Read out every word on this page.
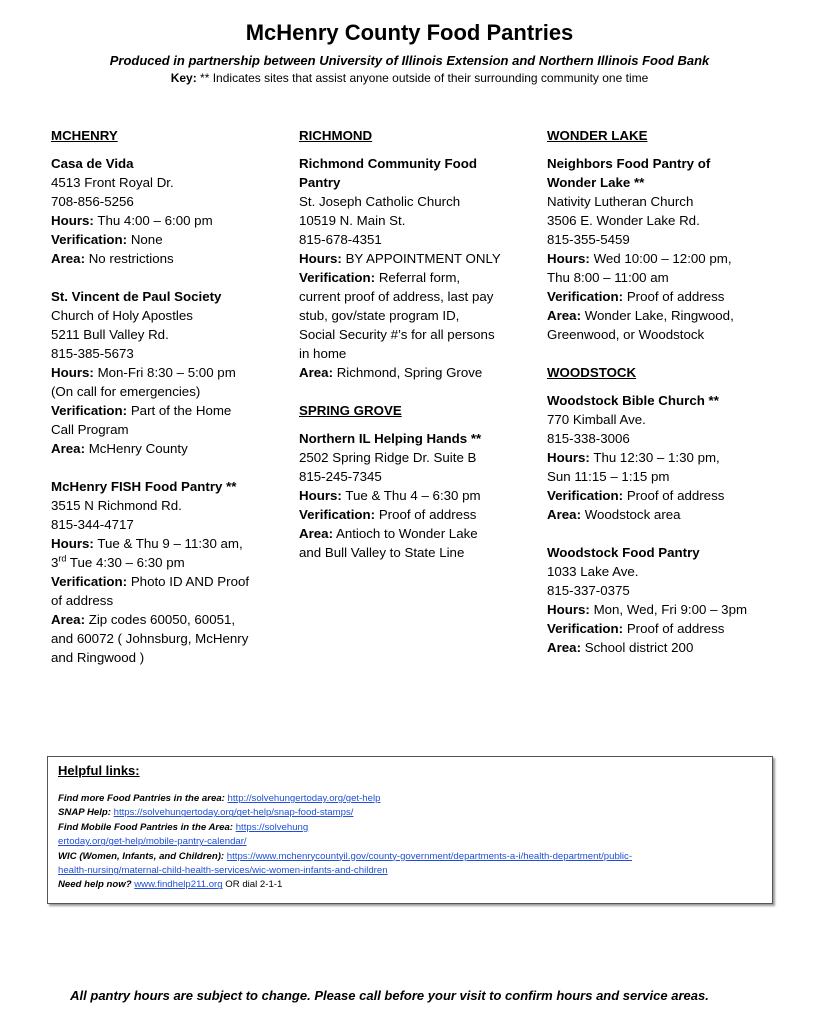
McHenry County Food Pantries
Produced in partnership between University of Illinois Extension and Northern Illinois Food Bank
Key: ** Indicates sites that assist anyone outside of their surrounding community one time
MCHENRY
Casa de Vida
4513 Front Royal Dr.
708-856-5256
Hours: Thu 4:00 – 6:00 pm
Verification: None
Area: No restrictions
St. Vincent de Paul Society
Church of Holy Apostles
5211 Bull Valley Rd.
815-385-5673
Hours: Mon-Fri 8:30 – 5:00 pm
(On call for emergencies)
Verification: Part of the Home
Call Program
Area: McHenry County
McHenry FISH Food Pantry **
3515 N Richmond Rd.
815-344-4717
Hours: Tue & Thu 9 – 11:30 am,
3rd Tue 4:30 – 6:30 pm
Verification: Photo ID AND Proof
of address
Area: Zip codes 60050, 60051,
and 60072 ( Johnsburg, McHenry
and Ringwood )
RICHMOND
Richmond Community Food
Pantry
St. Joseph Catholic Church
10519 N. Main St.
815-678-4351
Hours: BY APPOINTMENT ONLY
Verification: Referral form,
current proof of address, last pay
stub, gov/state program ID,
Social Security #’s for all persons
in home
Area: Richmond, Spring Grove
SPRING GROVE
Northern IL Helping Hands **
2502 Spring Ridge Dr. Suite B
815-245-7345
Hours: Tue & Thu 4 – 6:30 pm
Verification: Proof of address
Area: Antioch to Wonder Lake
and Bull Valley to State Line
WONDER LAKE
Neighbors Food Pantry of
Wonder Lake **
Nativity Lutheran Church
3506 E. Wonder Lake Rd.
815-355-5459
Hours: Wed 10:00 – 12:00 pm,
Thu 8:00 – 11:00 am
Verification: Proof of address
Area: Wonder Lake, Ringwood,
Greenwood, or Woodstock
WOODSTOCK
Woodstock Bible Church **
770 Kimball Ave.
815-338-3006
Hours: Thu 12:30 – 1:30 pm,
Sun 11:15 – 1:15 pm
Verification: Proof of address
Area: Woodstock area
Woodstock Food Pantry
1033 Lake Ave.
815-337-0375
Hours: Mon, Wed, Fri 9:00 – 3pm
Verification: Proof of address
Area: School district 200
Helpful links:
Find more Food Pantries in the area: http://solvehungertoday.org/get-help
SNAP Help: https://solvehungertoday.org/get-help/snap-food-stamps/
Find Mobile Food Pantries in the Area: https://solvehung
ertoday.org/get-help/mobile-pantry-calendar/
WIC (Women, Infants, and Children): https://www.mchenrycountyil.gov/county-government/departments-a-i/health-department/public-
health-nursing/maternal-child-health-services/wic-women-infants-and-children
Need help now? www.findhelp211.org OR dial 2-1-1
All pantry hours are subject to change. Please call before your visit to confirm hours and service areas.
